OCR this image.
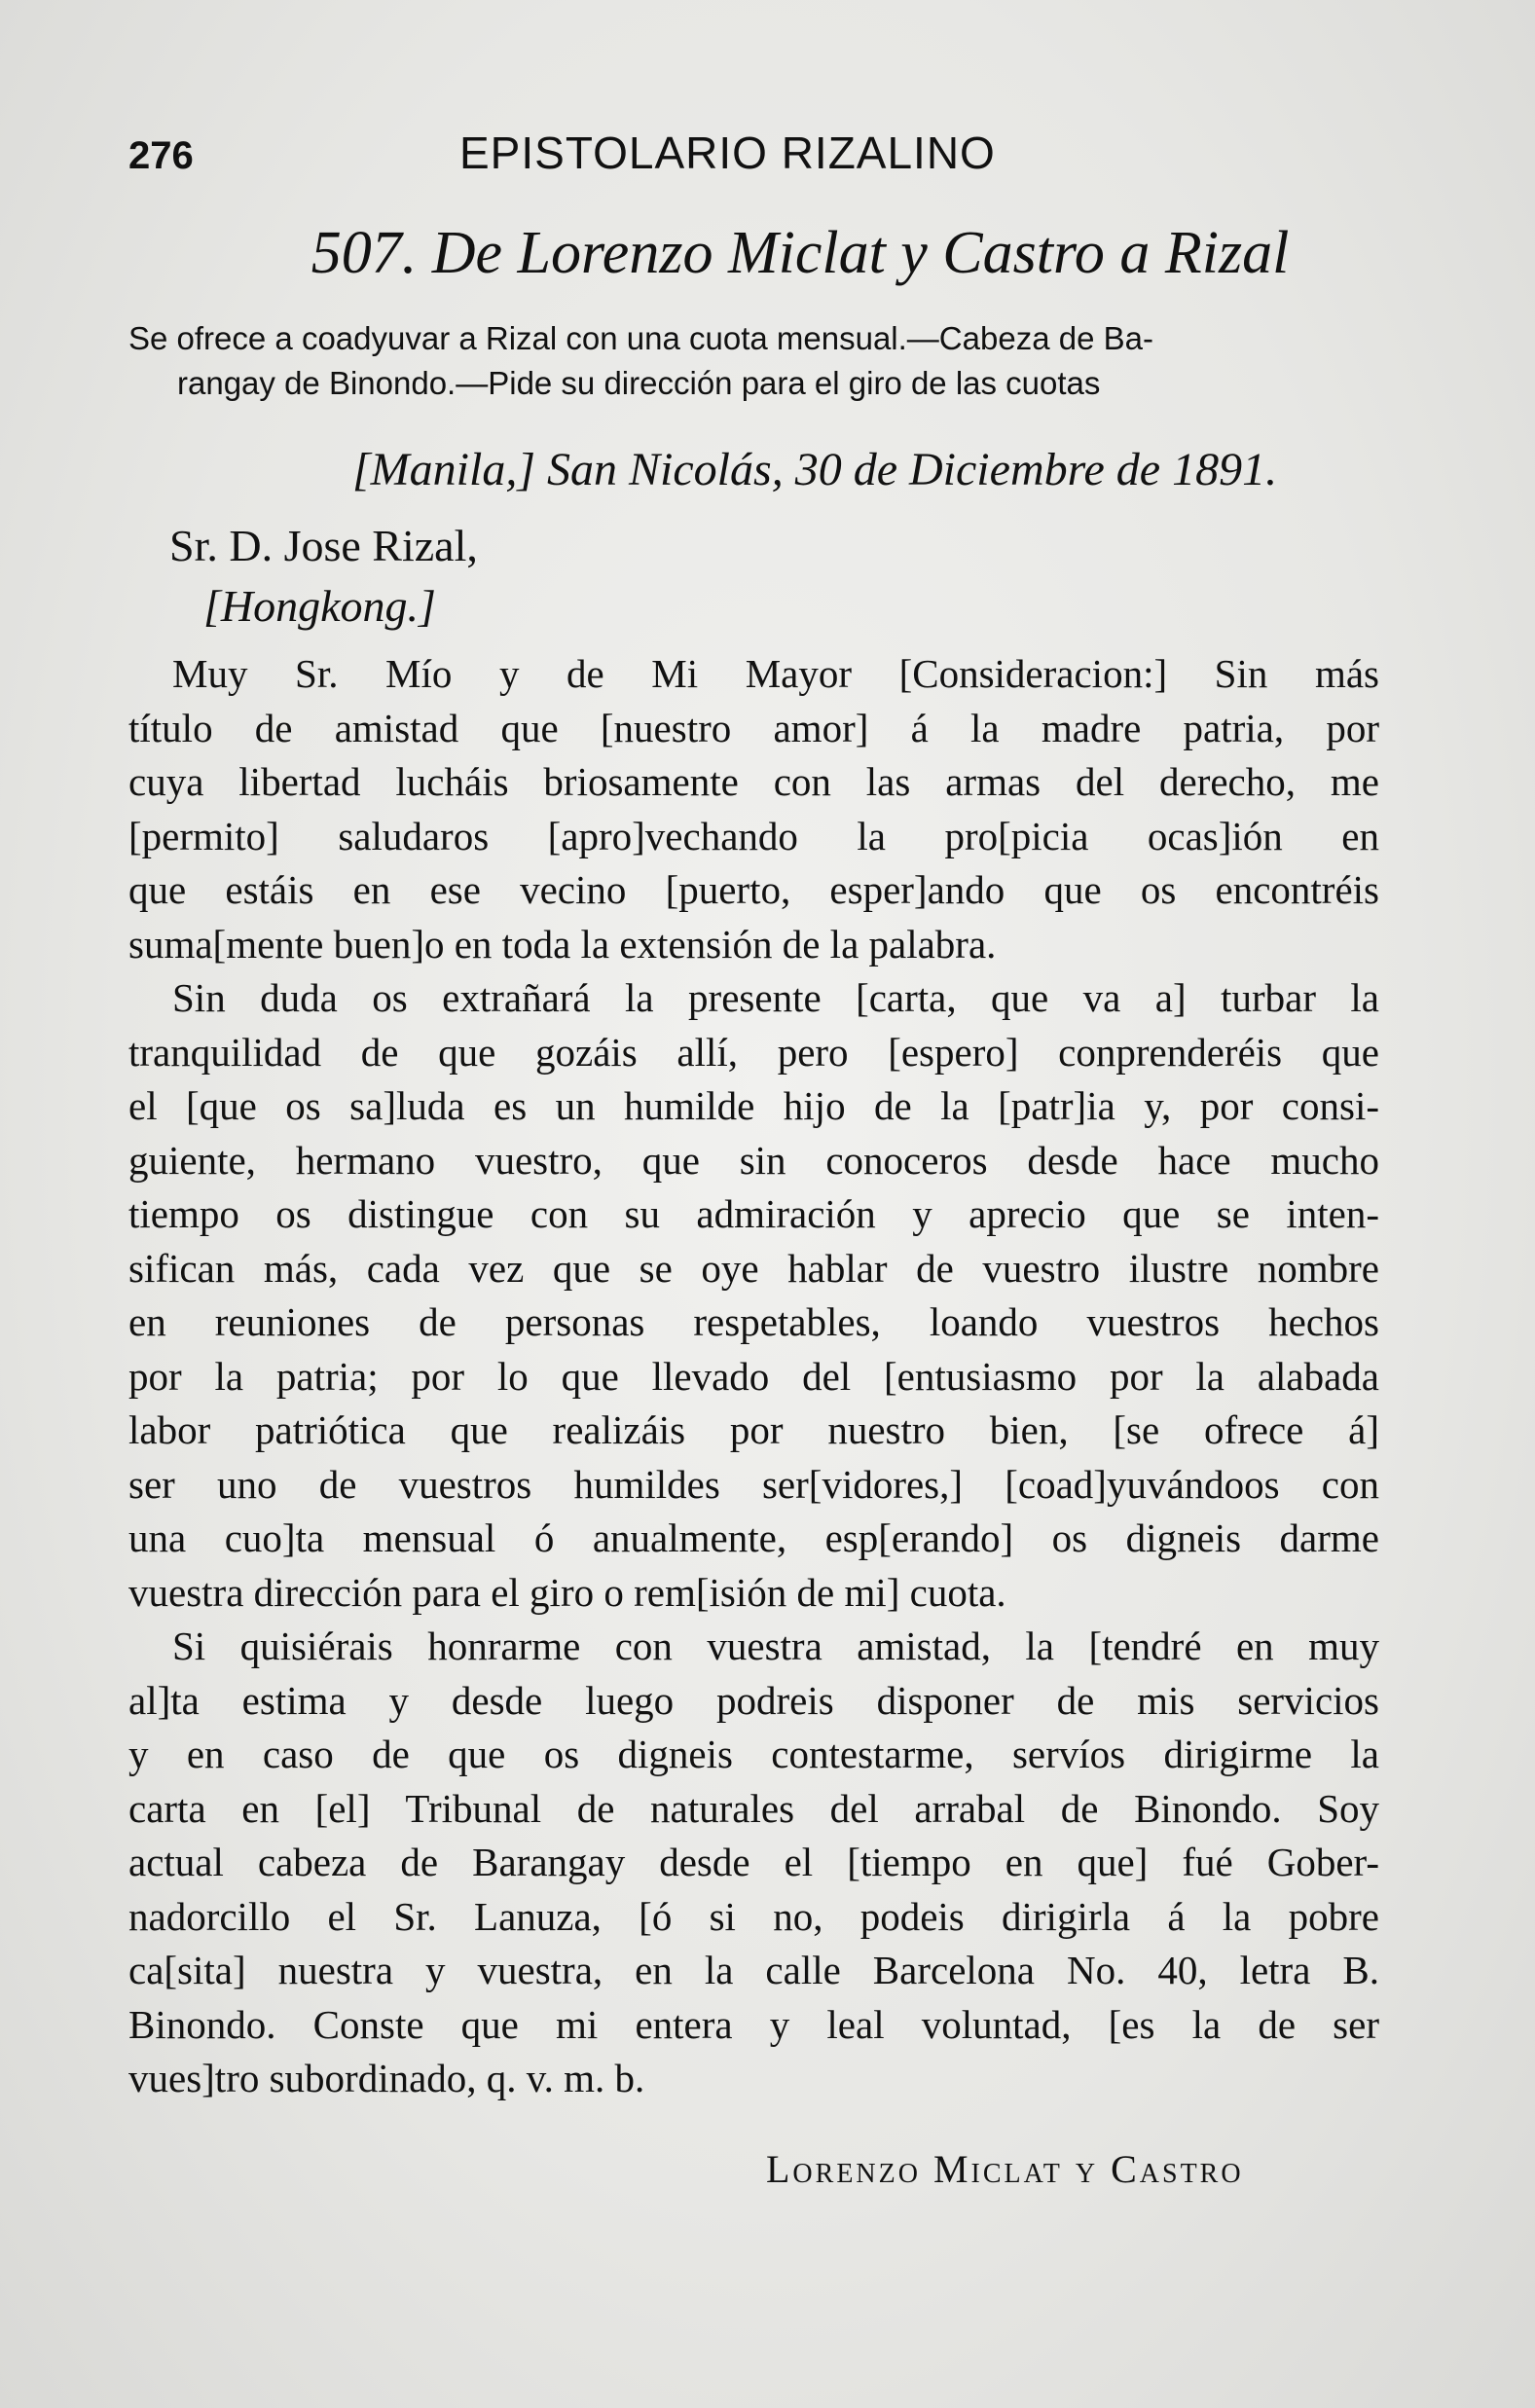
276	EPISTOLARIO RIZALINO
507. De Lorenzo Miclat y Castro a Rizal
Se ofrece a coadyuvar a Rizal con una cuota mensual.—Cabeza de Ba-
rangay de Binondo.—Pide su dirección para el giro de las cuotas
[Manila,] San Nicolás, 30 de Diciembre de 1891.
Sr. D. Jose Rizal,
[Hongkong.]
Muy Sr. Mío y de Mi Mayor [Consideracion:] Sin más
título de amistad que [nuestro amor] á la madre patria, por
cuya libertad lucháis briosamente con las armas del derecho, me
[permito] saludaros [apro]vechando la pro[picia ocas]ión en
que estáis en ese vecino [puerto, esper]ando que os encontréis
suma[mente buen]o en toda la extensión de la palabra.
Sin duda os extrañará la presente [carta, que va a] turbar la
tranquilidad de que gozáis allí, pero [espero] conprenderéis que
el [que os sa]luda es un humilde hijo de la [patr]ia y, por consi-
guiente, hermano vuestro, que sin conoceros desde hace mucho
tiempo os distingue con su admiración y aprecio que se inten-
sifican más, cada vez que se oye hablar de vuestro ilustre nombre
en reuniones de personas respetables, loando vuestros hechos
por la patria; por lo que llevado del [entusiasmo por la alabada
labor patriótica que realizáis por nuestro bien, [se ofrece á]
ser uno de vuestros humildes ser[vidores,] [coad]yuvándoos con
una cuo]ta mensual ó anualmente, esp[erando] os digneis darme
vuestra dirección para el giro o rem[isión de mi] cuota.
Si quisiérais honrarme con vuestra amistad, la [tendré en muy
al]ta estima y desde luego podreis disponer de mis servicios
y en caso de que os digneis contestarme, servíos dirigirme la
carta en [el] Tribunal de naturales del arrabal de Binondo. Soy
actual cabeza de Barangay desde el [tiempo en que] fué Gober-
nadorcillo el Sr. Lanuza, [ó si no, podeis dirigirla á la pobre
ca[sita] nuestra y vuestra, en la calle Barcelona No. 40, letra B.
Binondo. Conste que mi entera y leal voluntad, [es la de ser
vues]tro subordinado, q. v. m. b.
Lorenzo Miclat y Castro
